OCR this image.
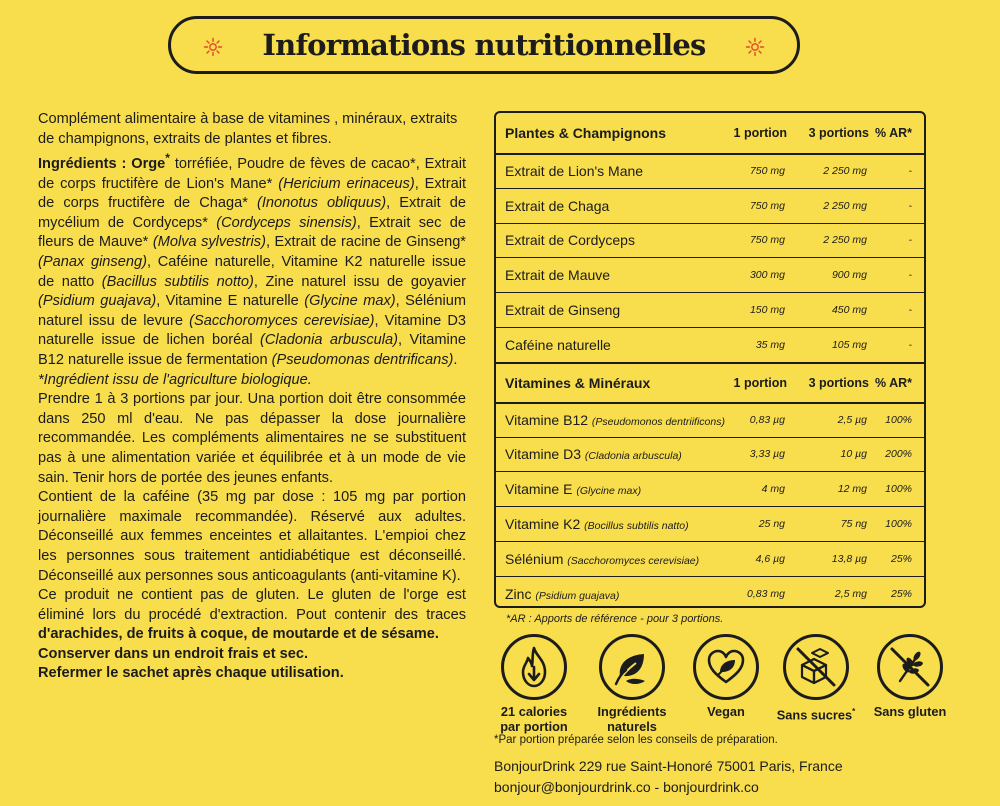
Informations nutritionnelles

Complément alimentaire à base de vitamines , minéraux, extraits de champignons, extraits de plantes et fibres.

Ingrédients : Orge* torréfiée, Poudre de fèves de cacao*, Extrait de corps fructifère de Lion's Mane* (Hericium erinaceus), Extrait de corps fructifère de Chaga* (Inonotus obliquus), Extrait de mycélium de Cordyceps* (Cordyceps sinensis), Extrait sec de fleurs de Mauve* (Molva sylvestris), Extrait de racine de Ginseng* (Panax ginseng), Caféine naturelle, Vitamine K2 naturelle issue de natto (Bacillus subtilis notto), Zine naturel issu de goyavier (Psidium guajava), Vitamine E naturelle (Glycine max), Sélénium naturel issu de levure (Sacchoromyces cerevisiae), Vitamine D3 naturelle issue de lichen boréal (Cladonia arbuscula), Vitamine B12 naturelle issue de fermentation (Pseudomonas dentrificans).

*Ingrédient issu de l'agriculture biologique.

Prendre 1 à 3 portions par jour. Una portion doit être consommée dans 250 ml d'eau. Ne pas dépasser la dose journalière recommandée. Les compléments alimentaires ne se substituent pas à une alimentation variée et équilibrée et à un mode de vie sain. Tenir hors de portée des jeunes enfants.

Contient de la caféine (35 mg par dose : 105 mg par portion journalière maximale recommandée). Réservé aux adultes. Déconseillé aux femmes enceintes et allaitantes. L'empioi chez les personnes sous traitement antidiabétique est déconseillé. Déconseillé aux personnes sous anticoagulants (anti-vitamine K).

Ce produit ne contient pas de gluten. Le gluten de l'orge est éliminé lors du procédé d'extraction. Pout contenir des traces d'arachides, de fruits à coque, de moutarde et de sésame.

Conserver dans un endroit frais et sec.
Refermer le sachet après chaque utilisation.

Plantes & Champignons	1 portion	3 portions % AR*
Extrait de Lion's Mane	750 mg	2 250 mg	-
Extrait de Chaga	750 mg	2 250 mg	-
Extrait de Cordyceps	750 mg	2 250 mg	-
Extrait de Mauve	300 mg	900 mg	-
Extrait de Ginseng	150 mg	450 mg	-
Caféine naturelle	35 mg	105 mg	-
Vitamines & Minéraux	1 portion	3 portions % AR*
Vitamine B12 (Pseudomonos dentriificons)	0,83 µg	2,5 µg	100%
Vitamine D3 (Cladonia arbuscula)	3,33 µg	10 µg	200%
Vitamine E (Glycine max)	4 mg	12 mg	100%
Vitamine K2 (Bocillus subtilis natto)	25 ng	75 ng	100%
Sélénium (Sacchoromyces cerevisiae)	4,6 µg	13,8 µg	25%
Zinc (Psidium guajava)	0,83 mg	2,5 mg	25%
*AR : Apports de référence - pour 3 portions.
21 calories
par portion
Ingrédients
naturels
Vegan	Sans sucres*	Sans gluten
*Par portion préparée selon les conseils de préparation.
BonjourDrink 229 rue Saint-Honoré 75001 Paris, France
bonjour@bonjourdrink.co - bonjourdrink.co
